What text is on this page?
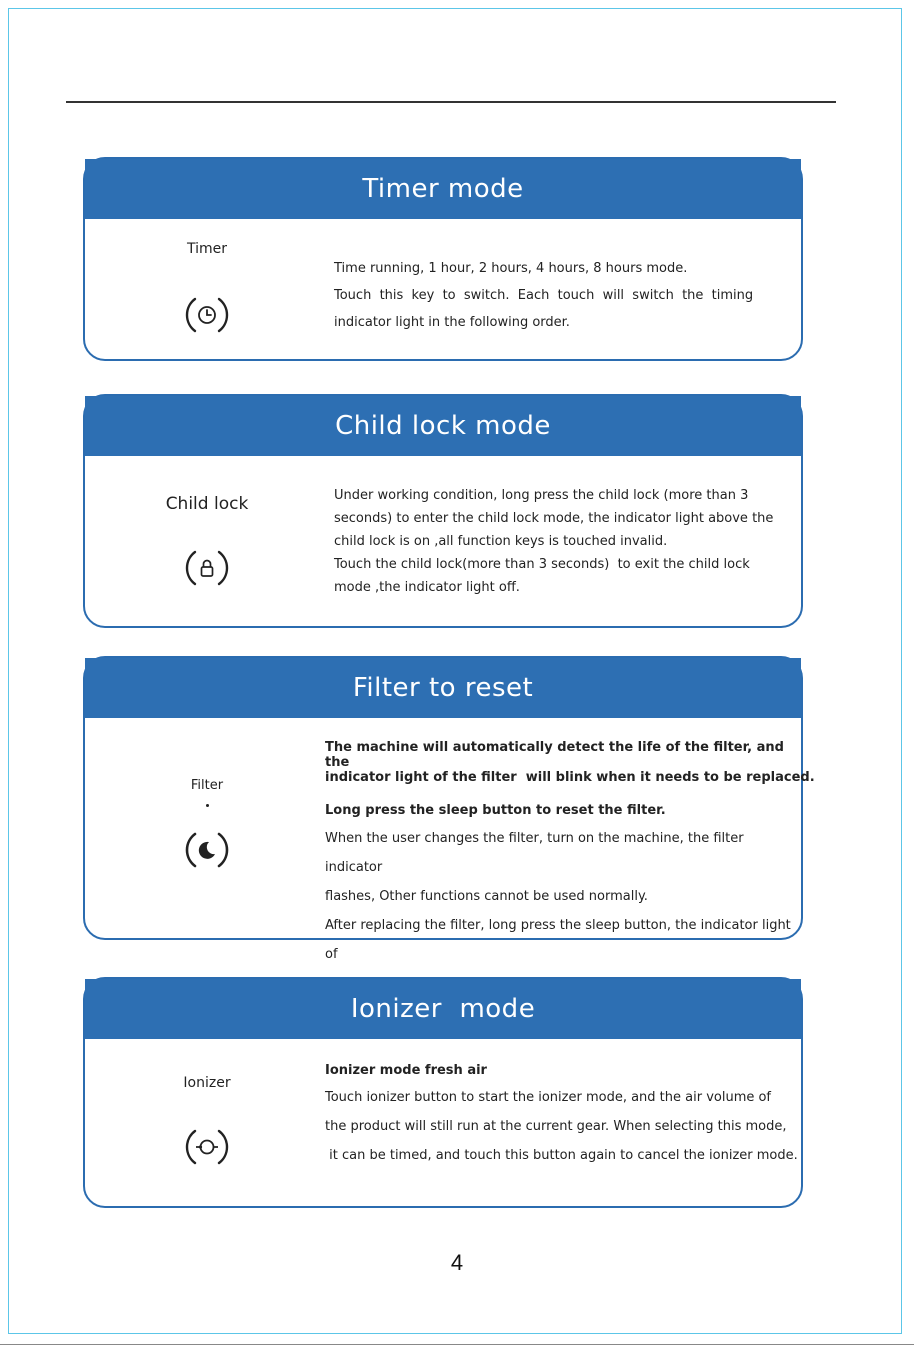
Timer mode
Timer

Time running, 1 hour, 2 hours, 4 hours, 8 hours mode.

Touch  this  key  to  switch.  Each  touch  will  switch  the  timing

indicator light in the following order.

Child lock mode
Child lock	Under working condition, long press the child lock (more than 3

seconds) to enter the child lock mode, the indicator light above the

child lock is on ,all function keys is touched invalid.

Touch the child lock(more than 3 seconds)  to exit the child lock

mode ,the indicator light off.

Filter to reset
Filter

The machine will automatically detect the life of the filter, and the

indicator light of the filter  will blink when it needs to be replaced.

Long press the sleep button to reset the filter.

When the user changes the filter, turn on the machine, the filter indicator

flashes, Other functions cannot be used normally.

After replacing the filter, long press the sleep button, the indicator light of

Ionizer  mode
Ionizer

Ionizer mode fresh air

Touch ionizer button to start the ionizer mode, and the air volume of

the product will still run at the current gear. When selecting this mode,

it can be timed, and touch this button again to cancel the ionizer mode.

4
